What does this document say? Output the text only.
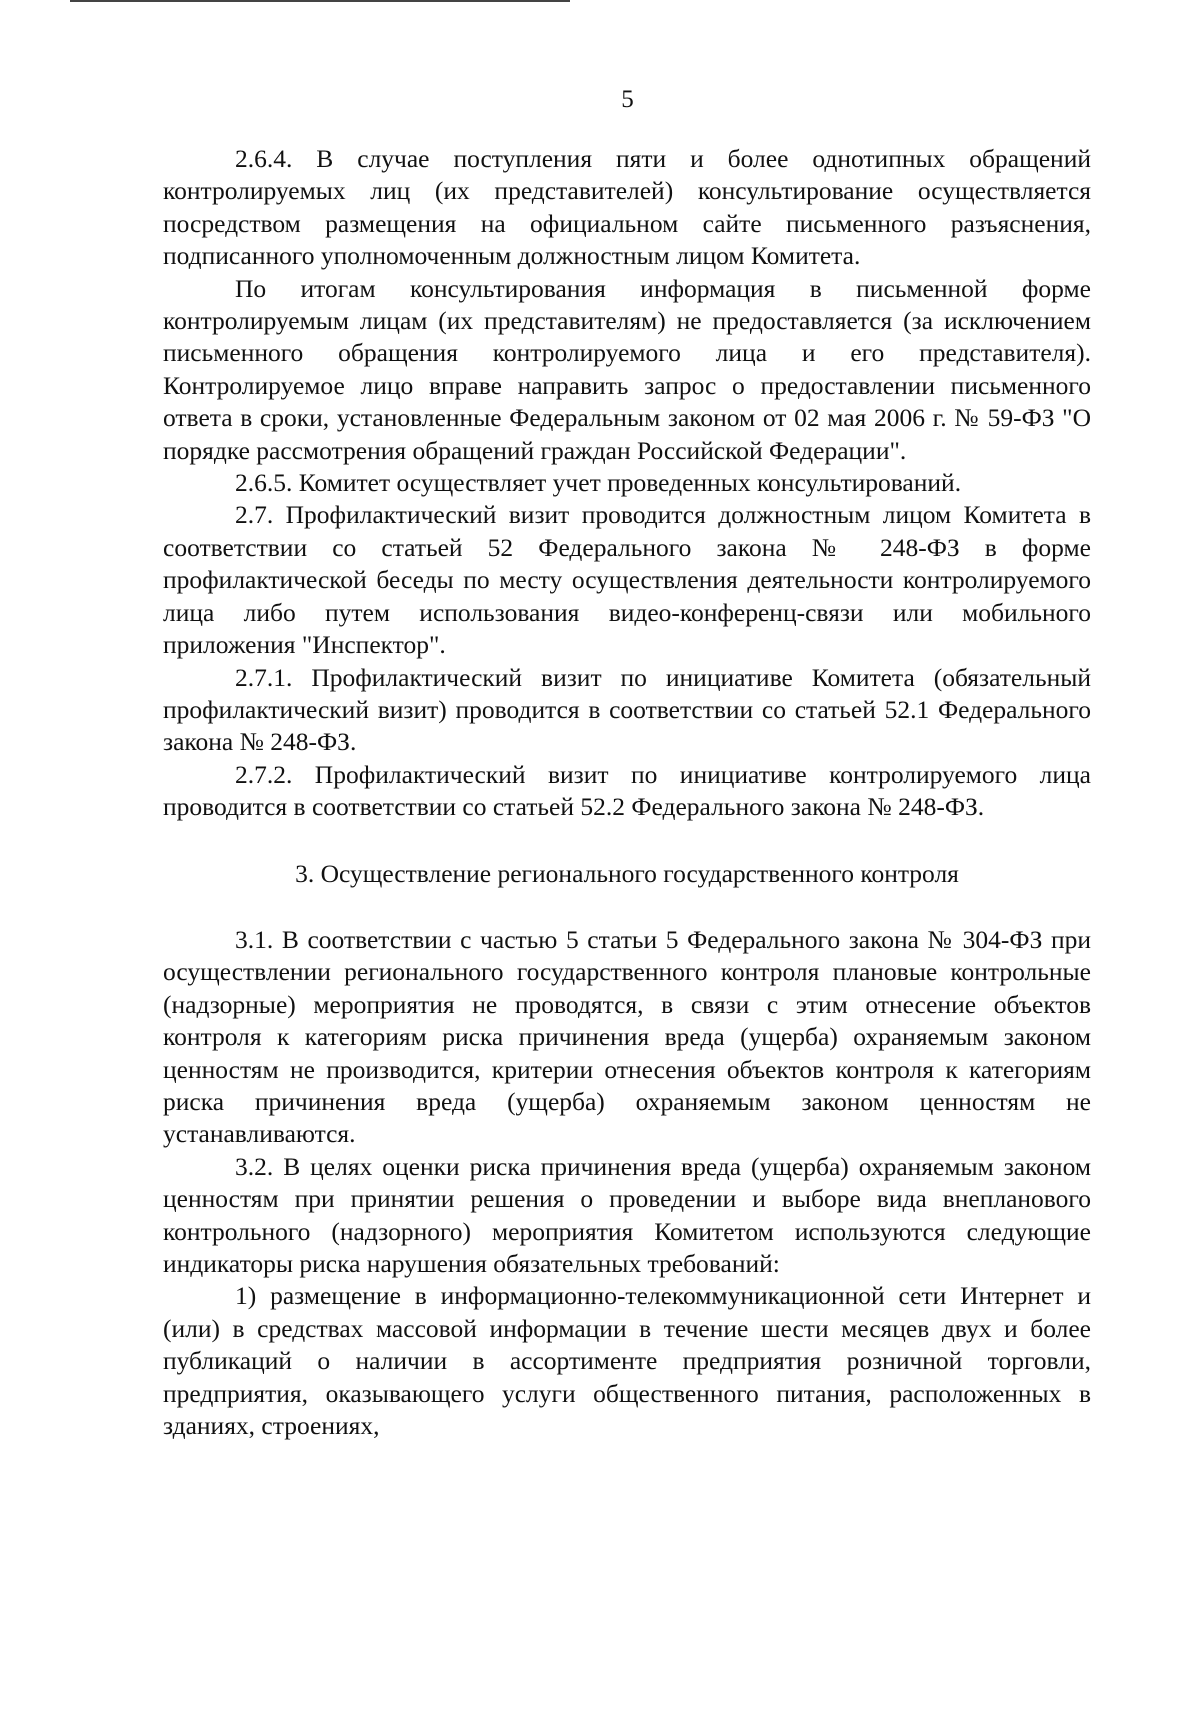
5

2.6.4. В случае поступления пяти и более однотипных обращений контролируемых лиц (их представителей) консультирование осуществляется посредством размещения на официальном сайте письменного разъяснения, подписанного уполномоченным должностным лицом Комитета.

По итогам консультирования информация в письменной форме контролируемым лицам (их представителям) не предоставляется (за исключением письменного обращения контролируемого лица и его представителя). Контролируемое лицо вправе направить запрос о предоставлении письменного ответа в сроки, установленные Федеральным законом от 02 мая 2006 г. № 59-ФЗ "О порядке рассмотрения обращений граждан Российской Федерации".

2.6.5. Комитет осуществляет учет проведенных консультирований.

2.7. Профилактический визит проводится должностным лицом Комитета в соответствии со статьей 52 Федерального закона № 248-ФЗ в форме профилактической беседы по месту осуществления деятельности контролируемого лица либо путем использования видео-конференц-связи или мобильного приложения "Инспектор".

2.7.1. Профилактический визит по инициативе Комитета (обязательный профилактический визит) проводится в соответствии со статьей 52.1 Федерального закона № 248-ФЗ.

2.7.2. Профилактический визит по инициативе контролируемого лица проводится в соответствии со статьей 52.2 Федерального закона № 248-ФЗ.

3. Осуществление регионального государственного контроля

3.1. В соответствии с частью 5 статьи 5 Федерального закона № 304-ФЗ при осуществлении регионального государственного контроля плановые контрольные (надзорные) мероприятия не проводятся, в связи с этим отнесение объектов контроля к категориям риска причинения вреда (ущерба) охраняемым законом ценностям не производится, критерии отнесения объектов контроля к категориям риска причинения вреда (ущерба) охраняемым законом ценностям не устанавливаются.

3.2. В целях оценки риска причинения вреда (ущерба) охраняемым законом ценностям при принятии решения о проведении и выборе вида внепланового контрольного (надзорного) мероприятия Комитетом используются следующие индикаторы риска нарушения обязательных требований:

1) размещение в информационно-телекоммуникационной сети Интернет и (или) в средствах массовой информации в течение шести месяцев двух и более публикаций о наличии в ассортименте предприятия розничной торговли, предприятия, оказывающего услуги общественного питания, расположенных в зданиях, строениях,
